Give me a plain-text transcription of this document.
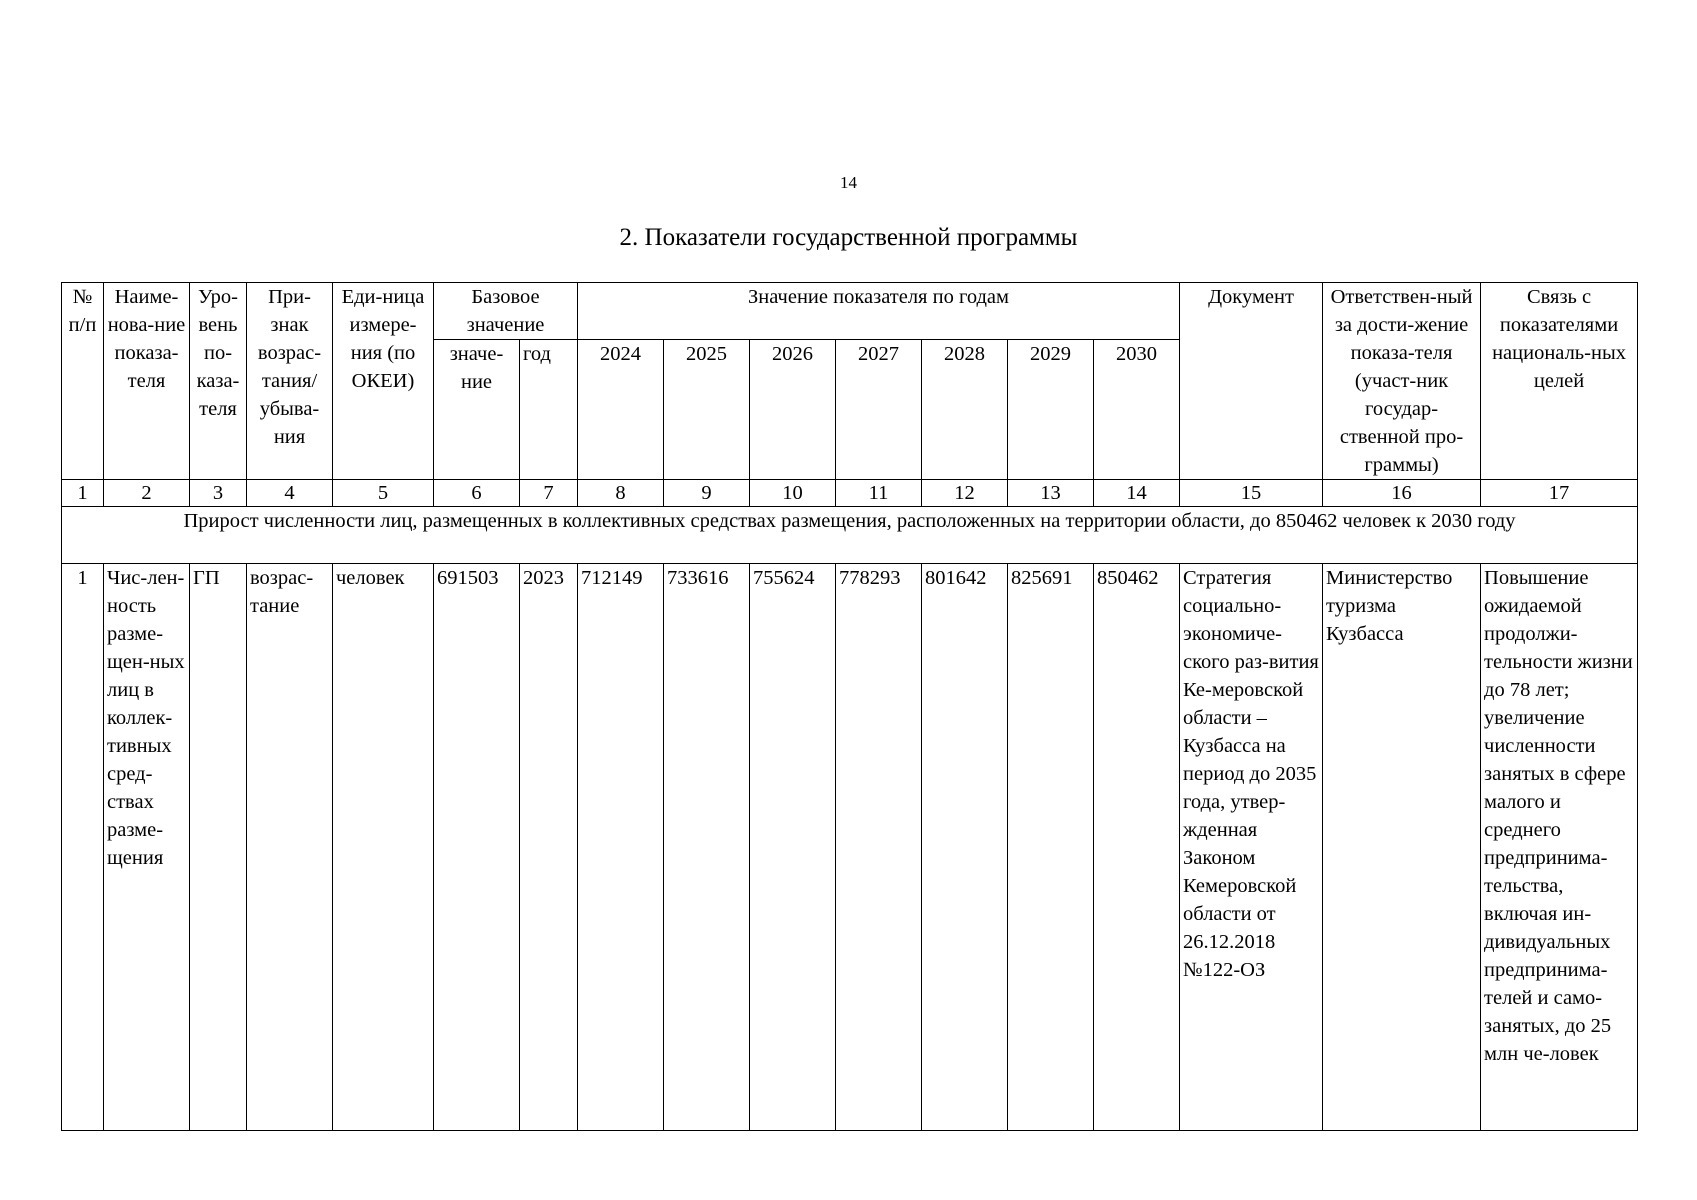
14
2. Показатели государственной программы
№ п/п	Наиме-нова-ние показа-теля	Уро-вень по-каза-теля	При-знак возрас-тания/ убыва-ния	Еди-ница измере-ния (по ОКЕИ)	Базовое значение		Значение показателя по годам							Документ	Ответствен-ный за дости-жение показа-теля (участ-ник государ-ственной про-граммы)	Связь с показателями националь-ных целей
					значе-ние	год	2024	2025	2026	2027	2028	2029	2030			
1	2	3	4	5	6	7	8	9	10	11	12	13	14	15	16	17
Прирост численности лиц, размещенных в коллективных средствах размещения, расположенных на территории области, до 850462 человек к 2030 году																
1	Чис-лен-ность разме-щен-ных лиц в коллек-тивных сред-ствах разме-щения	ГП	возрас-тание	человек	691503	2023	712149	733616	755624	778293	801642	825691	850462	Стратегия социально-экономиче-ского раз-вития Ке-меровской области – Кузбасса на период до 2035 года, утвер-жденная Законом Кемеровской области от 26.12.2018 №122-ОЗ	Министерство туризма Кузбасса	Повышение ожидаемой продолжи-тельности жизни до 78 лет; увеличение численности занятых в сфере малого и среднего предпринима-тельства, включая ин-дивидуальных предпринима-телей и само-занятых, до 25 млн че-ловек
